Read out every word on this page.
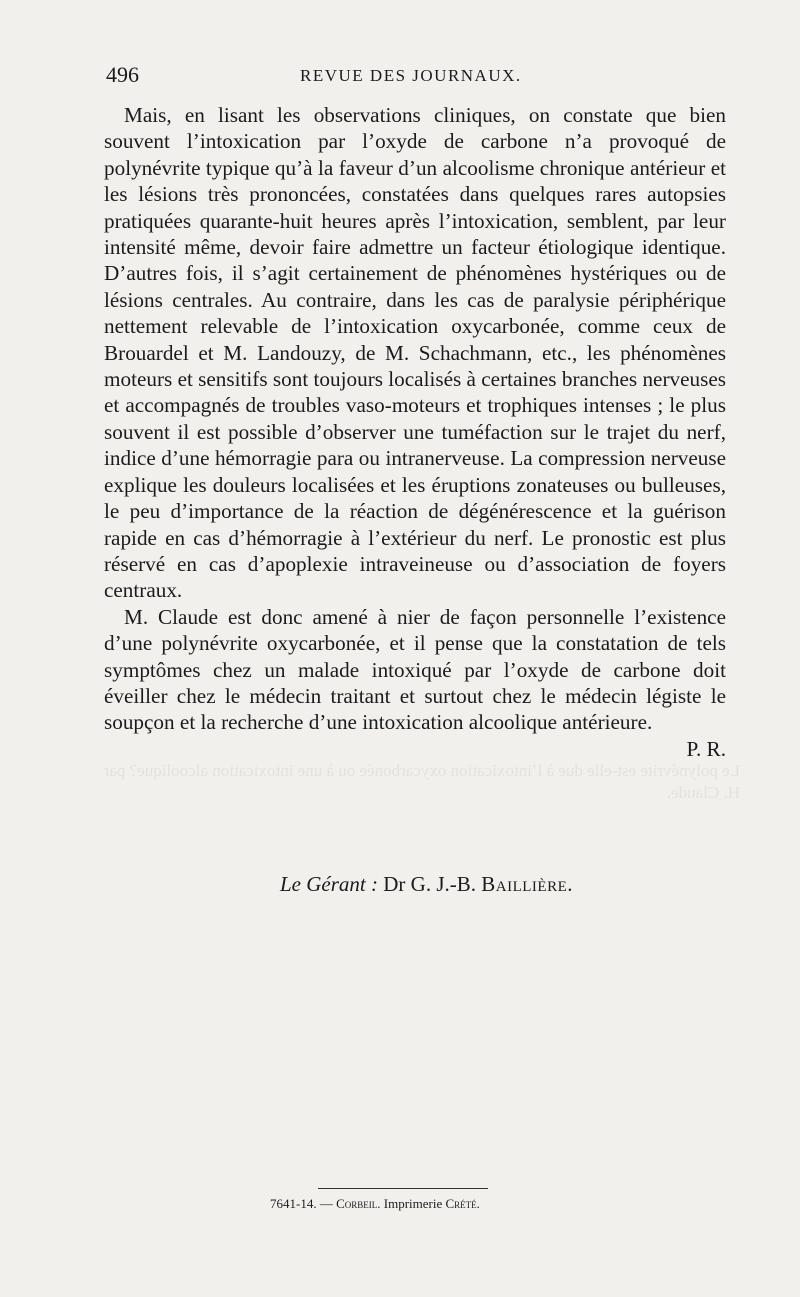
496	REVUE DES JOURNAUX.

Mais, en lisant les observations cliniques, on constate que bien souvent l’intoxication par l’oxyde de carbone n’a provoqué de polynévrite typique qu’à la faveur d’un alcoolisme chronique antérieur et les lésions très prononcées, constatées dans quelques rares autopsies pratiquées quarante-huit heures après l’intoxication, semblent, par leur intensité même, devoir faire admettre un facteur étiologique identique. D’autres fois, il s’agit certainement de phénomènes hystériques ou de lésions centrales. Au contraire, dans les cas de paralysie périphérique nettement relevable de l’intoxication oxycarbonée, comme ceux de Brouardel et M. Landouzy, de M. Schachmann, etc., les phénomènes moteurs et sensitifs sont toujours localisés à certaines branches nerveuses et accompagnés de troubles vaso-moteurs et trophiques intenses ; le plus souvent il est possible d’observer une tuméfaction sur le trajet du nerf, indice d’une hémorragie para ou intranerveuse. La compression nerveuse explique les douleurs localisées et les éruptions zonateuses ou bulleuses, le peu d’importance de la réaction de dégénérescence et la guérison rapide en cas d’hémorragie à l’extérieur du nerf. Le pronostic est plus réservé en cas d’apoplexie intraveineuse ou d’association de foyers centraux.

M. Claude est donc amené à nier de façon personnelle l’existence d’une polynévrite oxycarbonée, et il pense que la constatation de tels symptômes chez un malade intoxiqué par l’oxyde de carbone doit éveiller chez le médecin traitant et surtout chez le médecin légiste le soupçon et la recherche d’une intoxication alcoolique antérieure.

P. R.
Le polynévrite est-elle due à l’intoxication oxycarbonée ou à une intoxication alcoolique? par H. Claude.
Le Gérant : Dr G. J.-B. Baillière.
7641-14. — Corbeil. Imprimerie Crété.
